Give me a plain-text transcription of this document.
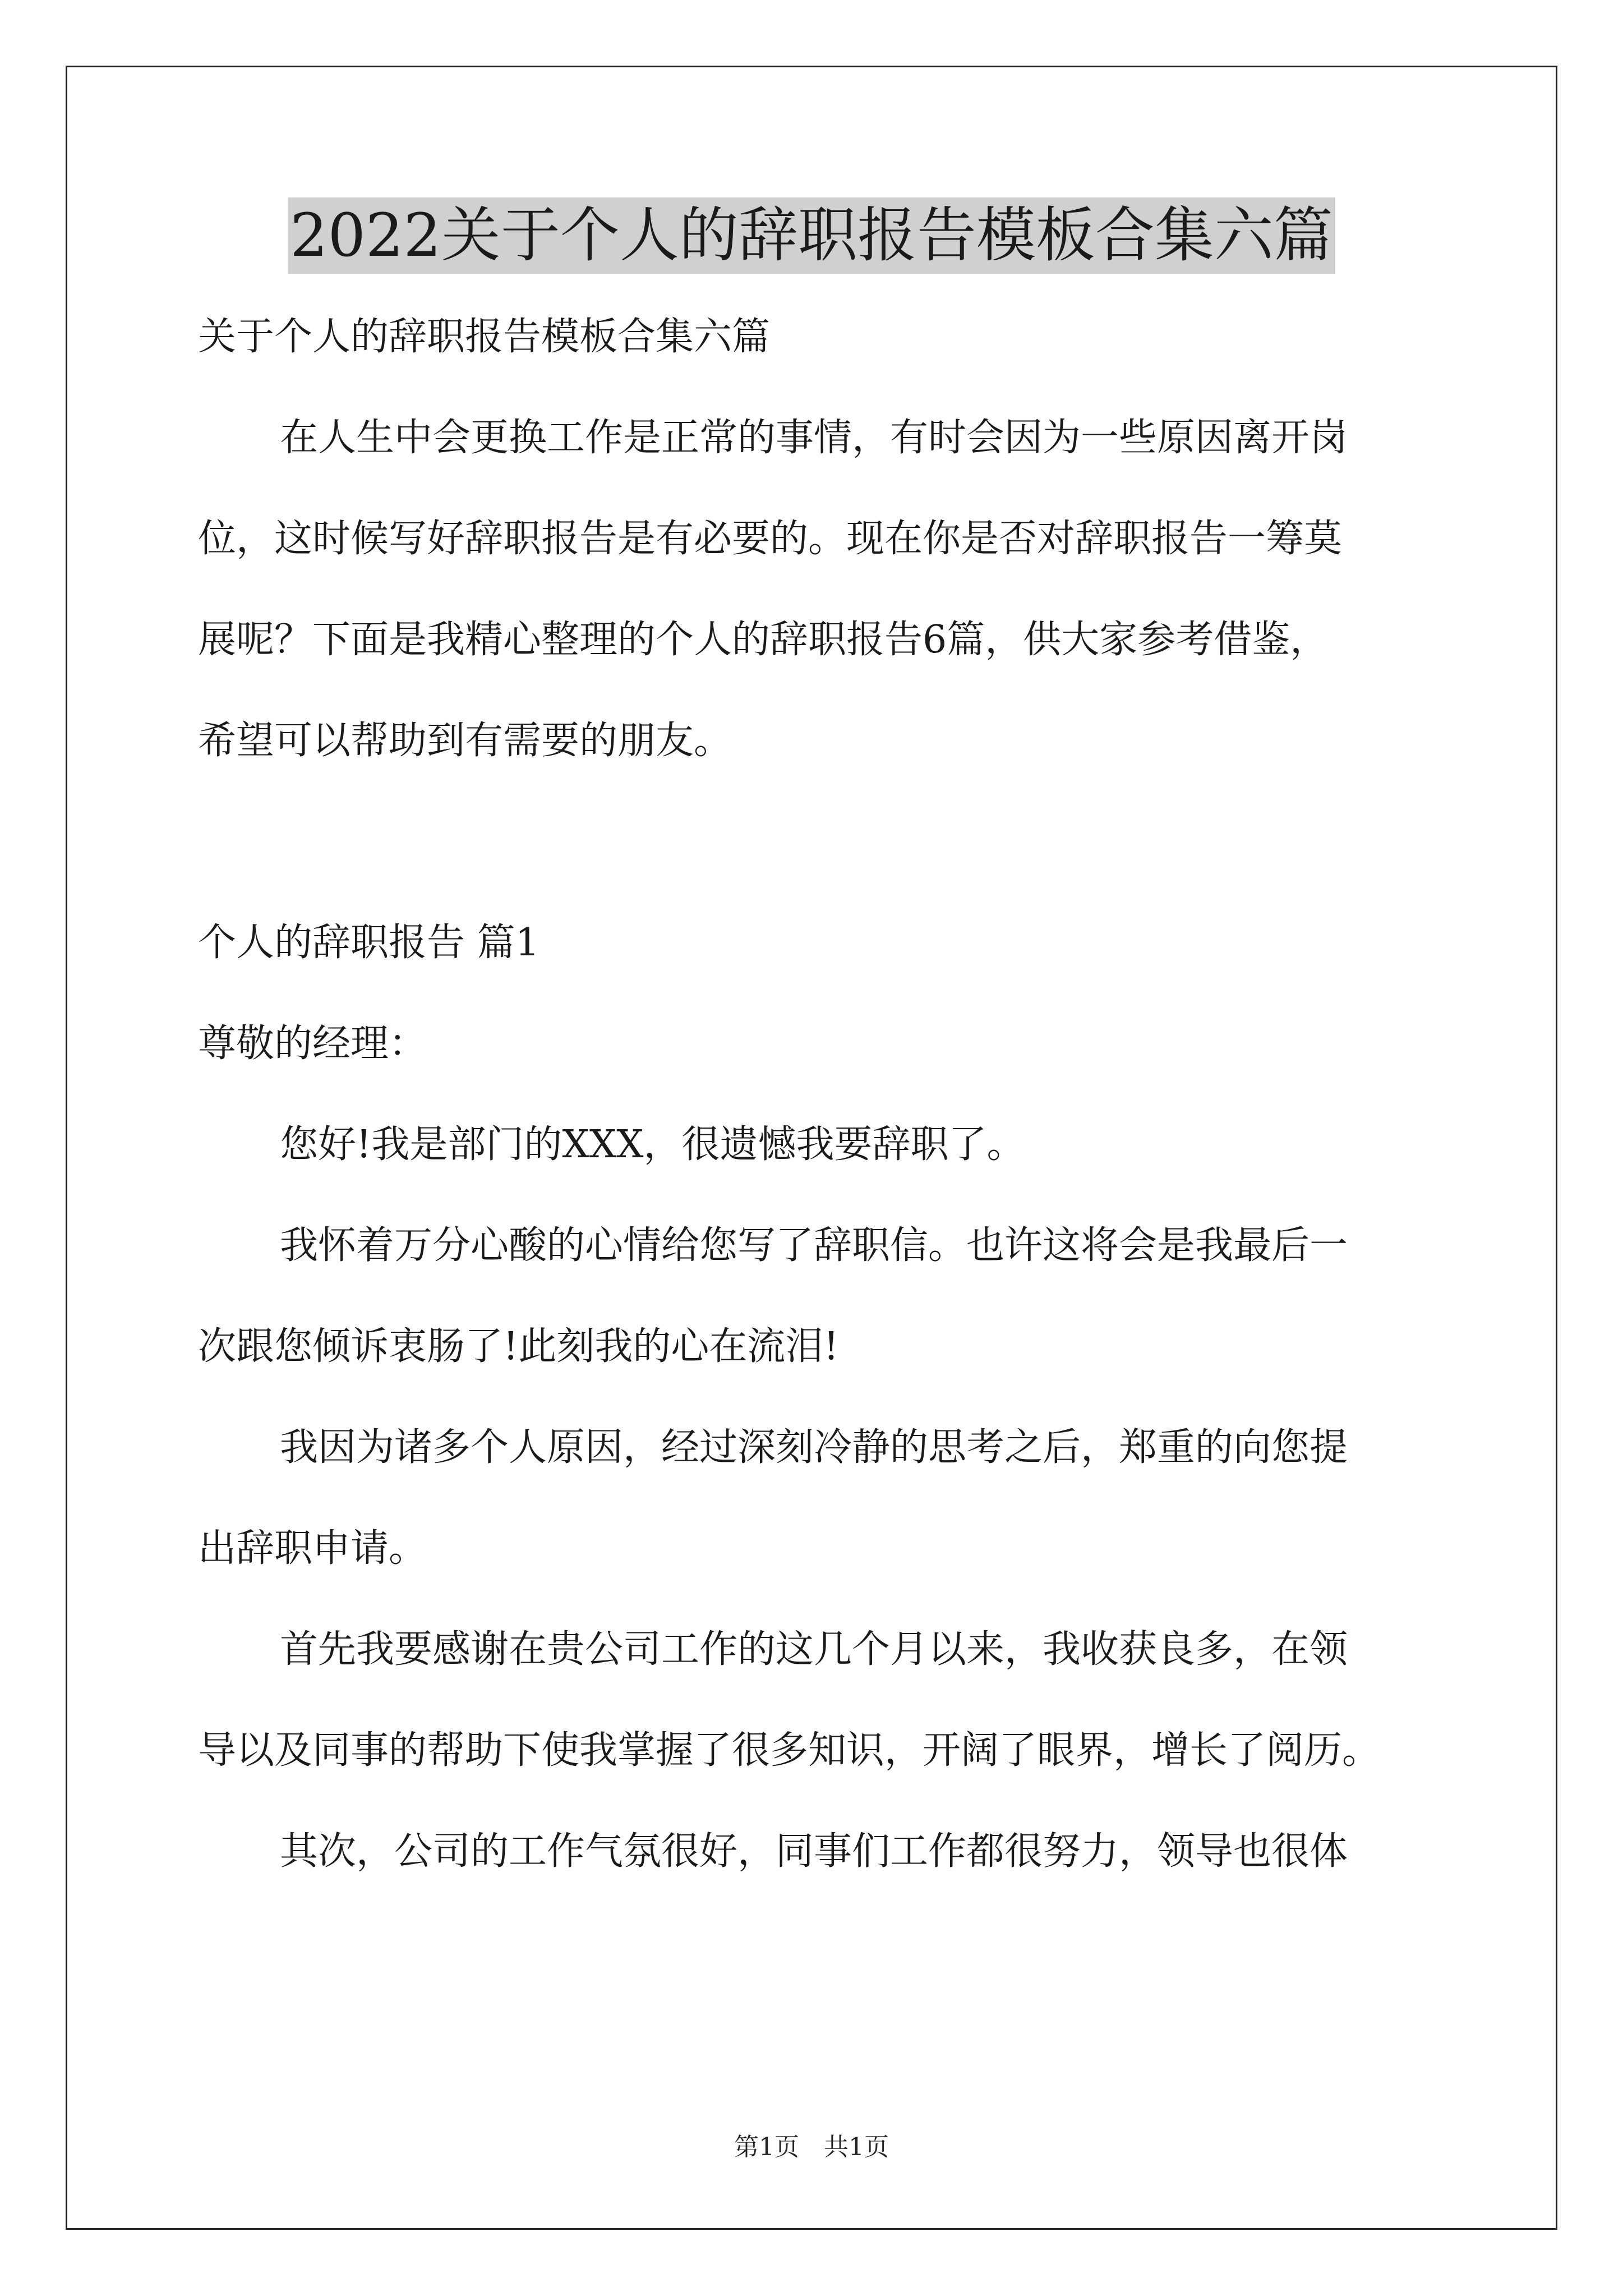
2022关于个人的辞职报告模板合集六篇
关于个人的辞职报告模板合集六篇
在人生中会更换工作是正常的事情，有时会因为一些原因离开岗
位，这时候写好辞职报告是有必要的。现在你是否对辞职报告一筹莫
展呢？下面是我精心整理的个人的辞职报告6篇，供大家参考借鉴，
希望可以帮助到有需要的朋友。
个人的辞职报告 篇1
尊敬的经理：
您好!我是部门的XXX，很遗憾我要辞职了。
我怀着万分心酸的心情给您写了辞职信。也许这将会是我最后一
次跟您倾诉衷肠了!此刻我的心在流泪!
我因为诸多个人原因，经过深刻冷静的思考之后，郑重的向您提
出辞职申请。
首先我要感谢在贵公司工作的这几个月以来，我收获良多，在领
导以及同事的帮助下使我掌握了很多知识，开阔了眼界，增长了阅历。
其次，公司的工作气氛很好，同事们工作都很努力，领导也很体
第1页　共1页
